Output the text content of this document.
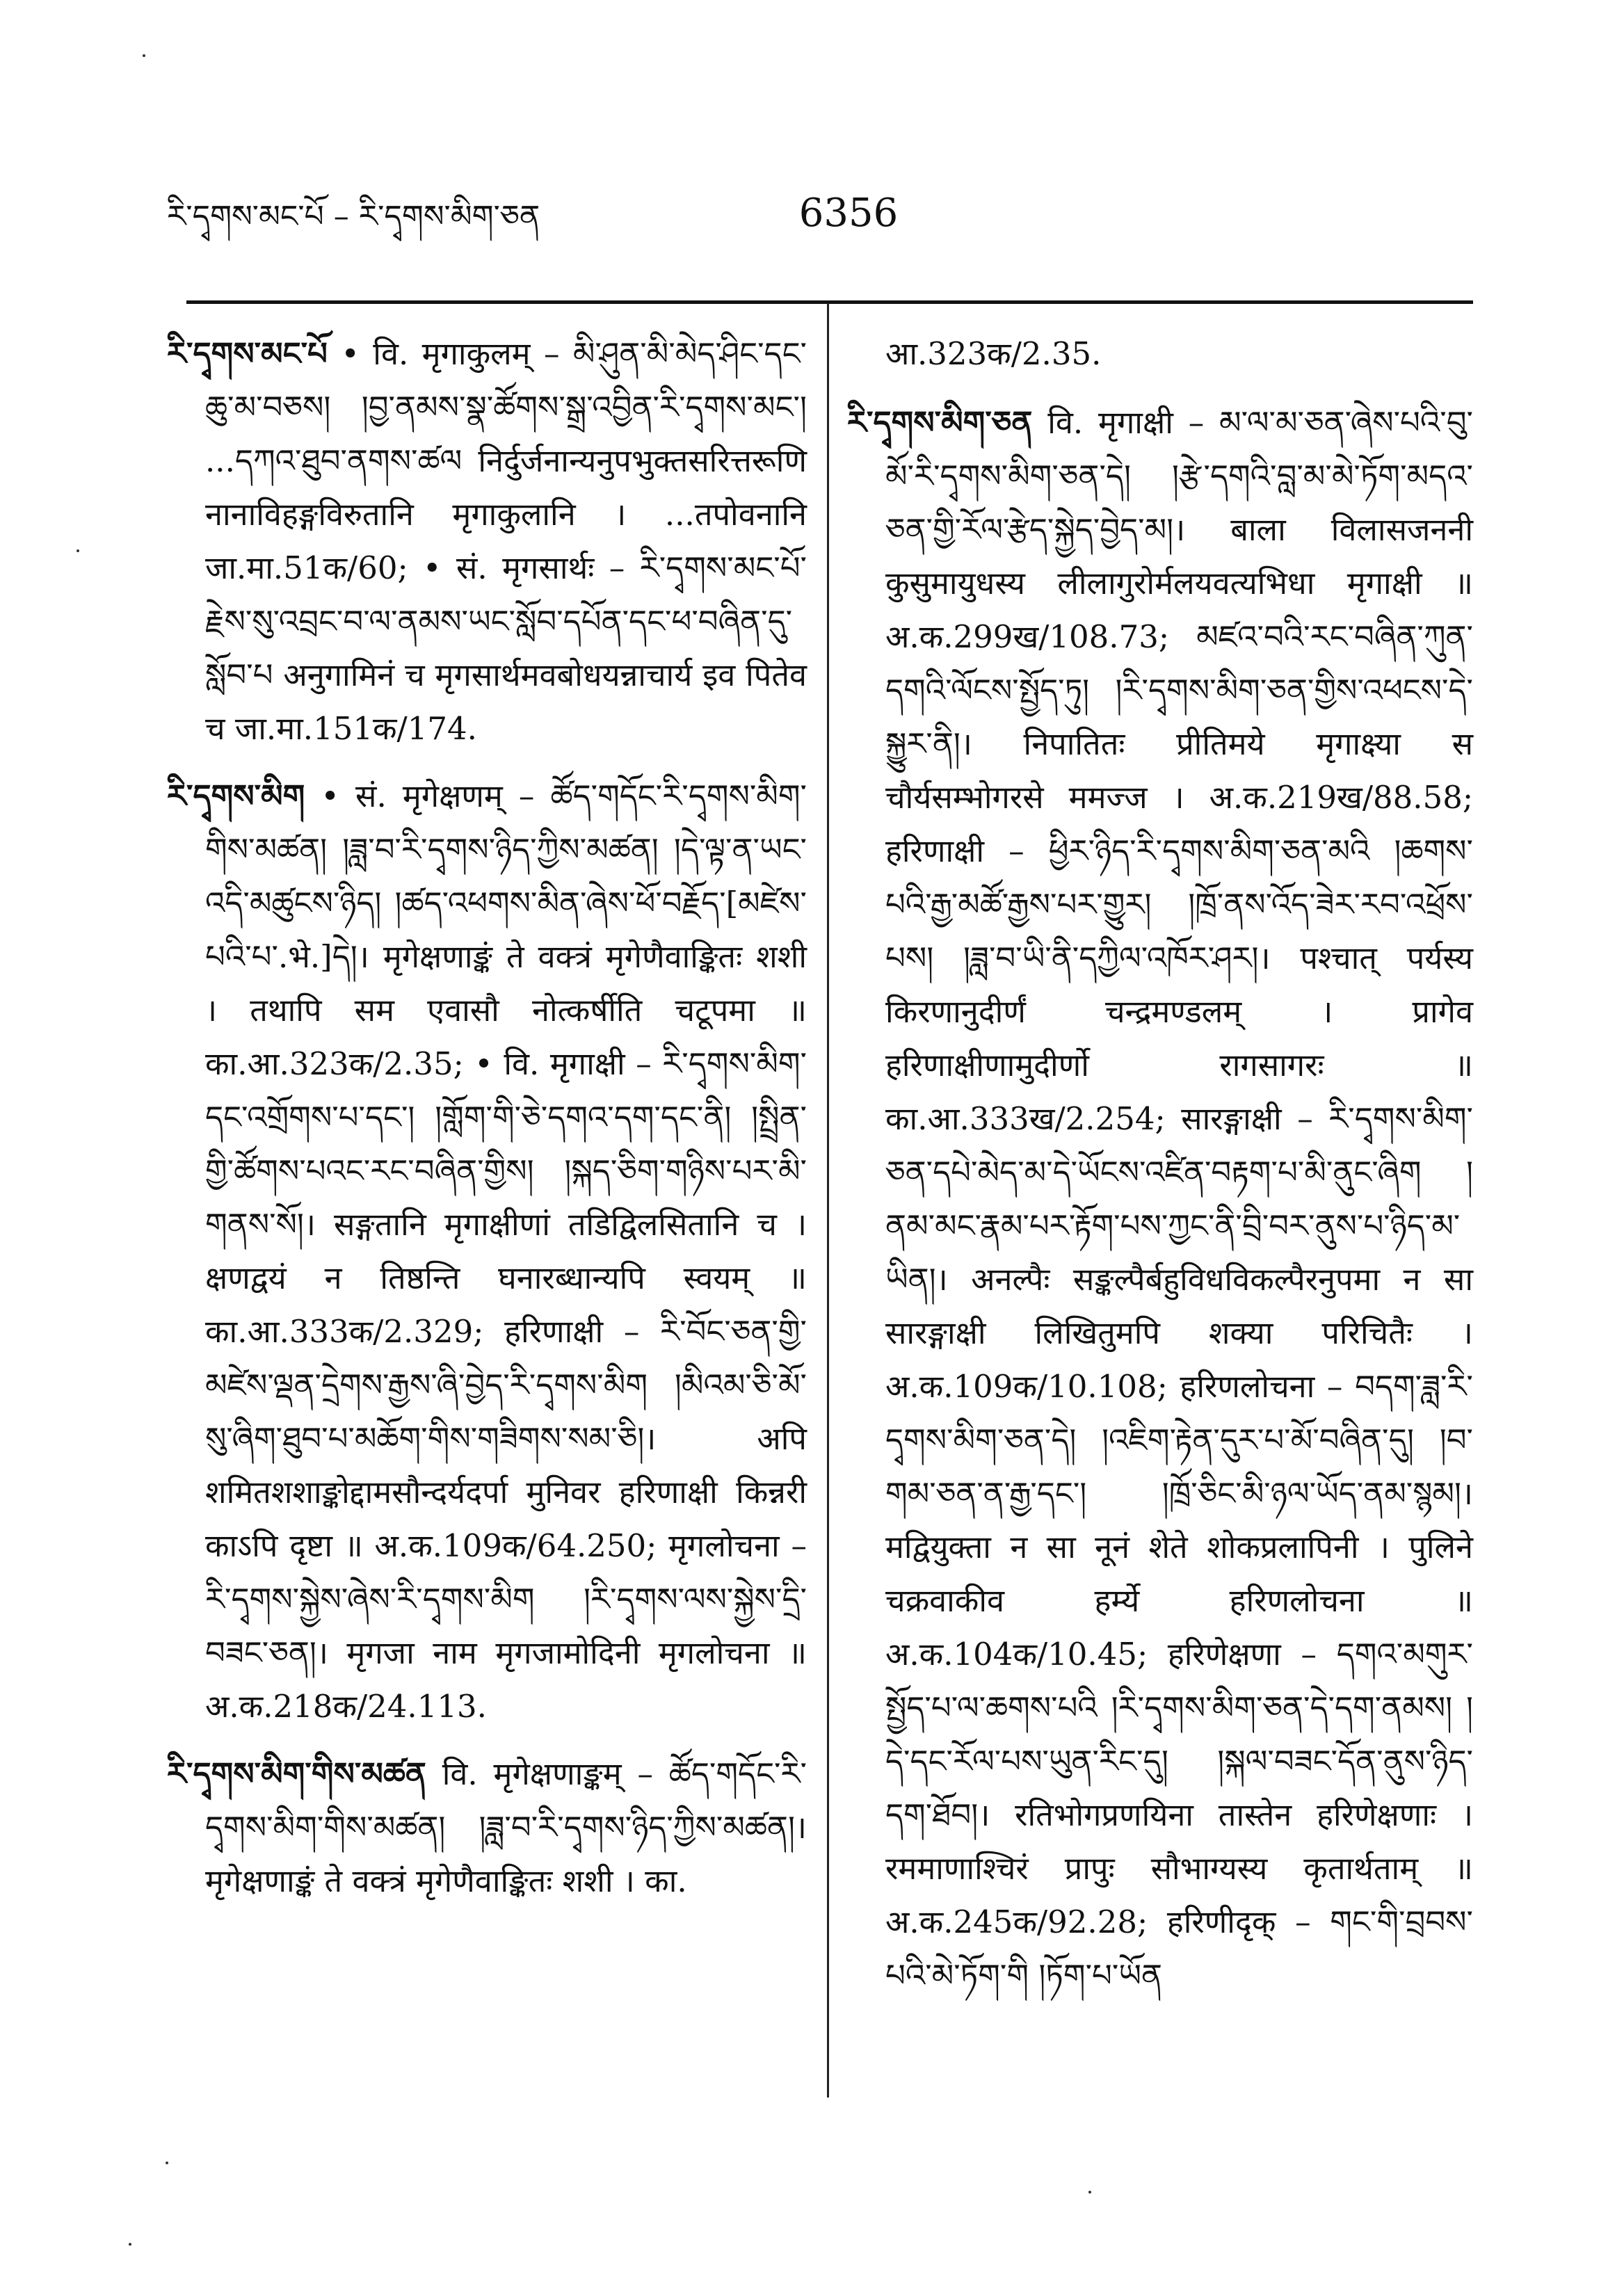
རི་དྭགས་མང་པོ – རི་དྭགས་མིག་ཅན	6356

རི་དྭགས་མང་པོ • वि. मृगाकुलम् – མི་ཤུན་མི་མེད་ཤིང་དང་ཆུ་མ་བཅས། །བྱ་ནམས་སྣ་ཚོགས་སྒྲ་འབྱིན་རི་དྭགས་མང་། ...དཀའ་ཐུབ་ནགས་ཚལ निर्दुर्जनान्यनुपभुक्तसरित्तरूणि नानाविहङ्गविरुतानि मृगाकुलानि । ...तपोवनानि जा.मा.51क/60; • सं. मृगसार्थः – རི་དྭགས་མང་པོ་རྗེས་སུ་འབྲང་བ་ལ་ནམས་ཡང་སློབ་དཔོན་དང་ཕ་བཞིན་དུ་སློབ་པ अनुगामिनं च मृगसार्थमवबोधयन्नाचार्य इव पितेव च जा.मा.151क/174.

རི་དྭགས་མིག • सं. मृगेक्षणम् – ཚོད་གདོང་རི་དྭགས་མིག་གིས་མཚན། །ཟླ་བ་རི་དྭགས་ཉིད་ཀྱིས་མཚན། །དེ་ལྟ་ན་ཡང་འདི་མཚུངས་ཉིད། །ཚད་འཕགས་མིན་ཞེས་ཕོ་བརྗོད་[མཛེས་པའི་པ་.भे.]དེ།। मृगेक्षणाङ्कं ते वक्त्रं मृगेणैवाङ्कितः शशी । तथापि सम एवासौ नोत्कर्षीति चटूपमा ॥ का.आ.323क/2.35; • वि. मृगाक्षी – རི་དྭགས་མིག་དང་འགྲོགས་པ་དང་། །གློག་གི་ཅེ་དགའ་དག་དང་ནི། །སྤྲིན་གྱི་ཚོགས་པའང་རང་བཞིན་གྱིས། །སྐད་ཅིག་གཉིས་པར་མི་གནས་སོ།। सङ्गतानि मृगाक्षीणां तडिद्विलसितानि च । क्षणद्वयं न तिष्ठन्ति घनारब्धान्यपि स्वयम् ॥ का.आ.333क/2.329; हरिणाक्षी – རི་བོང་ཅན་གྱི་མཛེས་ལྡན་དྲེགས་རྒྱས་ཞི་བྱེད་རི་དྭགས་མིག །མིའམ་ཅི་མོ་སུ་ཞིག་ཐུབ་པ་མཆོག་གིས་གཟིགས་སམ་ཅི།। अपि शमितशशाङ्कोद्दामसौन्दर्यदर्पा मुनिवर हरिणाक्षी किन्नरी काऽपि दृष्टा ॥ अ.क.109क/64.250; मृगलोचना – རི་དྭགས་སྐྱེས་ཞེས་རི་དྭགས་མིག །རི་དྭགས་ལས་སྐྱེས་དྲི་བཟང་ཅན།। मृगजा नाम मृगजामोदिनी मृगलोचना ॥ अ.क.218क/24.113.

རི་དྭགས་མིག་གིས་མཚན वि. मृगेक्षणाङ्कम् – ཚོད་གདོང་རི་དྭགས་མིག་གིས་མཚན། །ཟླ་བ་རི་དྭགས་ཉིད་ཀྱིས་མཚན།। मृगेक्षणाङ्कं ते वक्त्रं मृगेणैवाङ्कितः शशी । का.

आ.323क/2.35.

རི་དྭགས་མིག་ཅན वि. मृगाक्षी – མ་ལ་མ་ཅན་ཞེས་པའི་བུ་མོ་རི་དྭགས་མིག་ཅན་དེ། །རྩེ་དགའི་བླ་མ་མེ་ཏོག་མདའ་ཅན་གྱི་རོལ་རྩེད་སྐྱེད་བྱེད་མ།। बाला विलासजननी कुसुमायुधस्य लीलागुरोर्मलयवत्यभिधा मृगाक्षी ॥ अ.क.299ख/108.73; མཛའ་བའི་རང་བཞིན་ཀུན་དགའི་ལོངས་སྤྱོད་ཏུ། །རི་དྭགས་མིག་ཅན་གྱིས་འཕངས་དེ་སྐྱུར་ནི།। निपातितः प्रीतिमये मृगाक्ष्या स चौर्यसम्भोगरसे ममज्ज । अ.क.219ख/88.58; हरिणाक्षी – ཕྱིར་ཉིད་རི་དྭགས་མིག་ཅན་མའི །ཆགས་པའི་རྒྱ་མཚོ་རྒྱས་པར་གྱུར། །ཁྲོ་ནས་འོད་ཟེར་རབ་འཕྲོས་པས། །ཟླ་བ་ཡི་ནི་དཀྱིལ་འཁོར་ཤར།। पश्चात् पर्यस्य किरणानुदीर्णं चन्द्रमण्डलम् । प्रागेव हरिणाक्षीणामुदीर्णो रागसागरः ॥ का.आ.333ख/2.254; सारङ्गाक्षी – རི་དྭགས་མིག་ཅན་དཔེ་མེད་མ་དེ་ཡོངས་འཛིན་བརྟག་པ་མི་ནུང་ཞིག །ནམ་མང་རྣམ་པར་རྟོག་པས་ཀྱང་ནི་བྲི་བར་ནུས་པ་ཉིད་མ་ཡིན།। अनल्पैः सङ्कल्पैर्बहुविधविकल्पैरनुपमा न सा सारङ्गाक्षी लिखितुमपि शक्या परिचितैः । अ.क.109क/10.108; हरिणलोचना – བདག་ཟླ་རི་དྭགས་མིག་ཅན་དེ། །འཇིག་རྟེན་དུར་པ་མོ་བཞིན་དུ། །བ་གམ་ཅན་ན་རྒྱ་དང་། །ཁྲོ་ཅིང་མི་ཉལ་ཡོད་ནམ་སྙམ།। मद्वियुक्ता न सा नूनं शेते शोकप्रलापिनी । पुलिने चक्रवाकीव हर्म्ये हरिणलोचना ॥ अ.क.104क/10.45; हरिणेक्षणा – དགའ་མགུར་སྤྱོད་པ་ལ་ཆགས་པའི །རི་དྭགས་མིག་ཅན་དེ་དག་ནམས། །དེ་དང་རོལ་པས་ཡུན་རིང་དུ། །སྐལ་བཟང་དོན་ནུས་ཉིད་དག་ཐོབ།। रतिभोगप्रणयिना तास्तेन हरिणेक्षणाः । रममाणाश्चिरं प्रापुः सौभाग्यस्य कृतार्थताम् ॥ अ.क.245क/92.28; हरिणीदृक् – གང་གི་བྲབས་པའི་མེ་ཏོག་གི །ཏོག་པ་ཡོན
